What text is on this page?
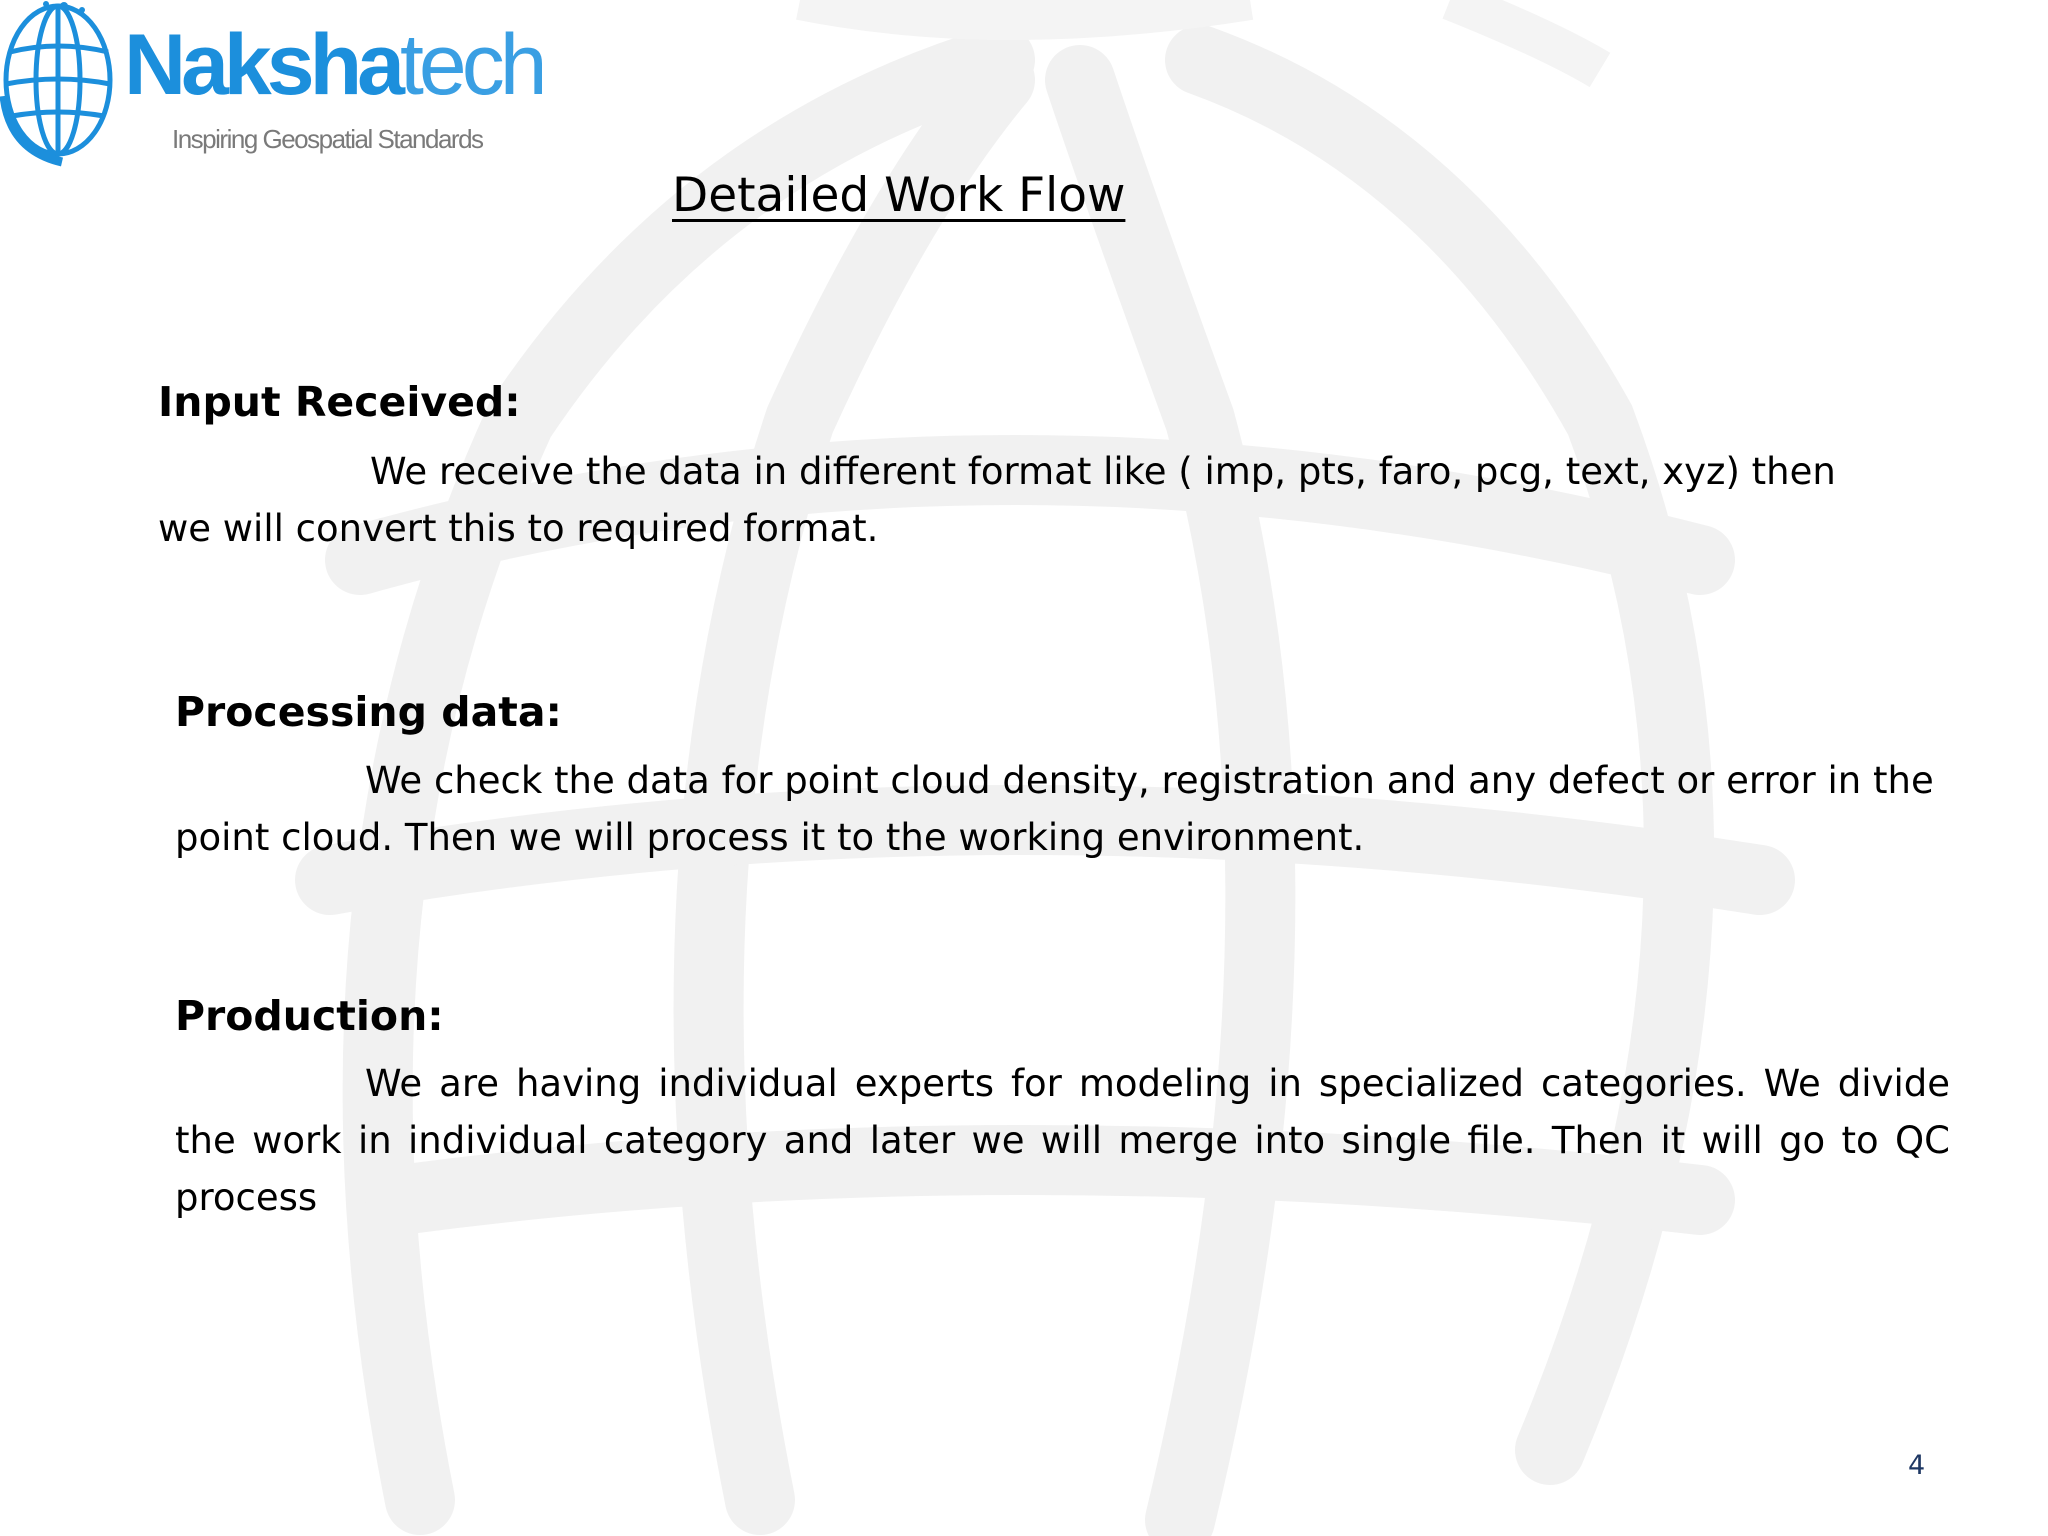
Nakshatech
Inspiring Geospatial Standards
Detailed Work Flow
Input Received:

We receive the data in different format like ( imp, pts, faro, pcg, text, xyz) then we will convert this to required format.

Processing data:

We check the data for point cloud density, registration and any defect or error in the point cloud. Then we will process it to the working environment.

Production:

We are having individual experts for modeling in specialized categories. We divide the work in individual category and later we will merge into single file. Then it will go to QC process

4
